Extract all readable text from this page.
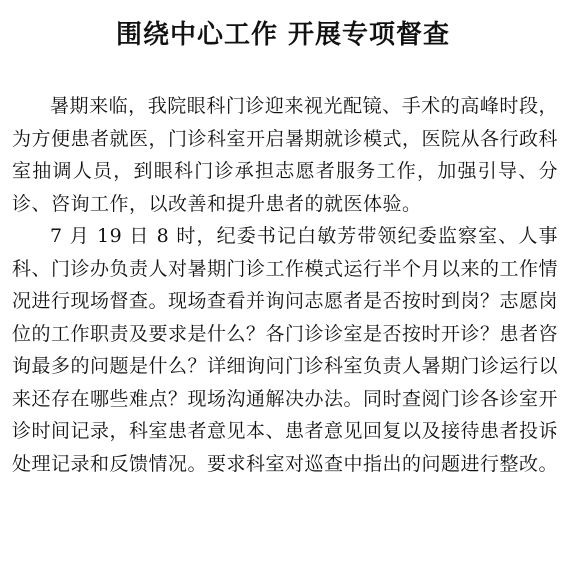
围绕中心工作 开展专项督查

暑期来临，我院眼科门诊迎来视光配镜、手术的高峰时段，为方便患者就医，门诊科室开启暑期就诊模式，医院从各行政科室抽调人员，到眼科门诊承担志愿者服务工作，加强引导、分诊、咨询工作，以改善和提升患者的就医体验。

7 月 19 日 8 时，纪委书记白敏芳带领纪委监察室、人事科、门诊办负责人对暑期门诊工作模式运行半个月以来的工作情况进行现场督查。现场查看并询问志愿者是否按时到岗？志愿岗位的工作职责及要求是什么？各门诊诊室是否按时开诊？患者咨询最多的问题是什么？详细询问门诊科室负责人暑期门诊运行以来还存在哪些难点？现场沟通解决办法。同时查阅门诊各诊室开诊时间记录，科室患者意见本、患者意见回复以及接待患者投诉处理记录和反馈情况。要求科室对巡查中指出的问题进行整改。
